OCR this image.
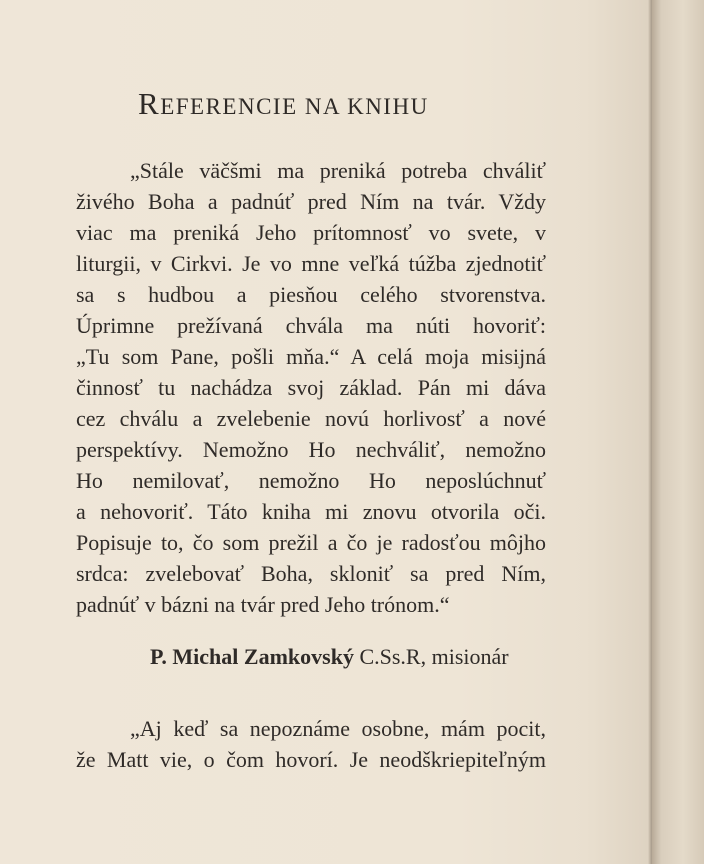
REFERENCIE NA KNIHU
„Stále väčšmi ma preniká potreba chváliť
živého Boha a padnúť pred Ním na tvár. Vždy
viac ma preniká Jeho prítomnosť vo svete, v
liturgii, v Cirkvi. Je vo mne veľká túžba zjednotiť
sa s hudbou a piesňou celého stvorenstva.
Úprimne prežívaná chvála ma núti hovoriť:
„Tu som Pane, pošli mňa.“ A celá moja misijná
činnosť tu nachádza svoj základ. Pán mi dáva
cez chválu a zvelebenie novú horlivosť a nové
perspektívy. Nemožno Ho nechváliť, nemožno
Ho nemilovať, nemožno Ho neposlúchnuť
a nehovoriť. Táto kniha mi znovu otvorila oči.
Popisuje to, čo som prežil a čo je radosťou môjho
srdca: zvelebovať Boha, skloniť sa pred Ním,
padnúť v bázni na tvár pred Jeho trónom.“
P. Michal Zamkovský C.Ss.R, misionár
„Aj keď sa nepoznáme osobne, mám pocit,
že Matt vie, o čom hovorí. Je neodškriepiteľným
